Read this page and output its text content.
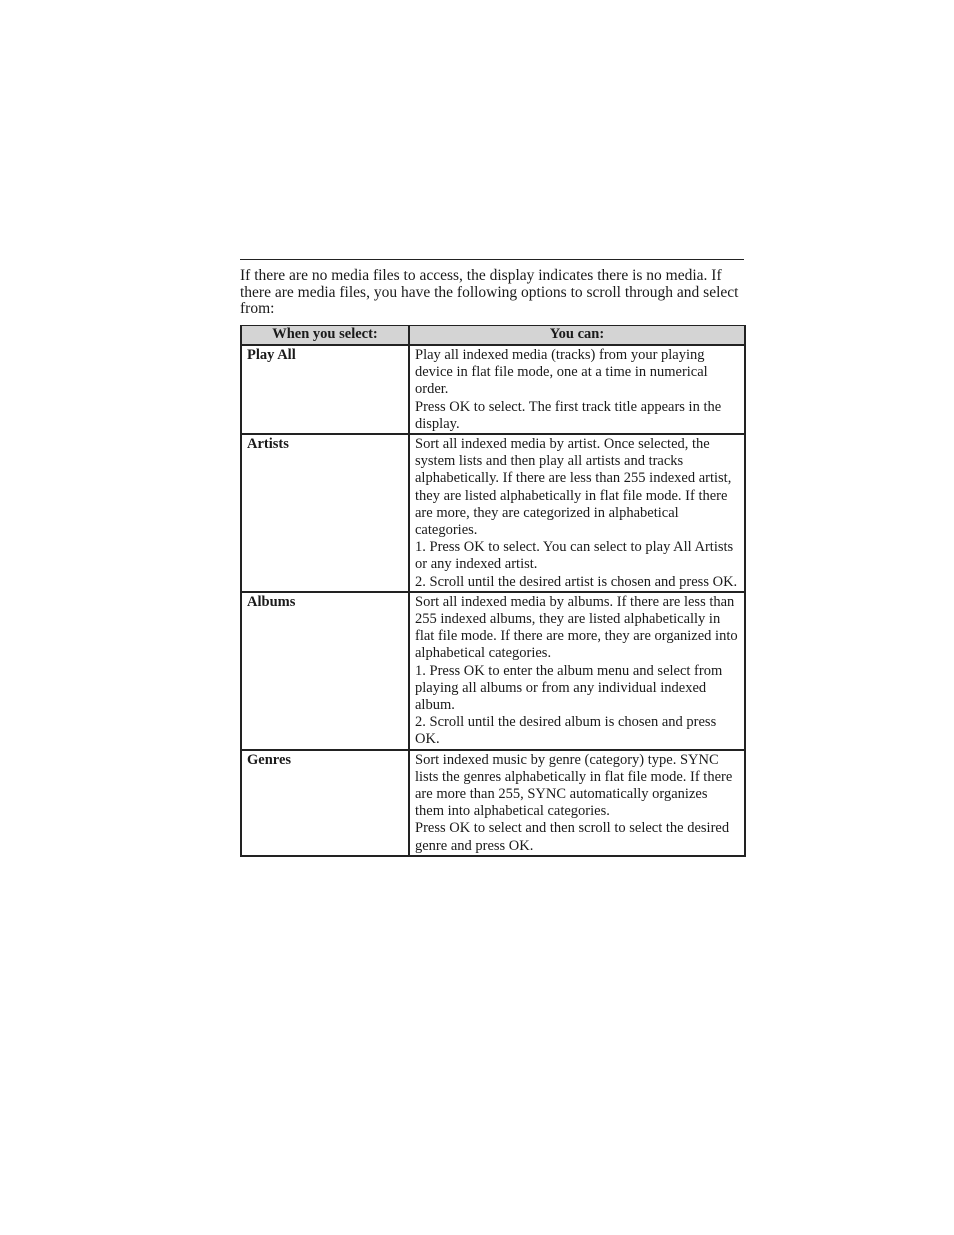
If there are no media files to access, the display indicates there is no media. If there are media files, you have the following options to scroll through and select from:

When you select:	You can:
Play All	Play all indexed media (tracks) from your playing device in flat file mode, one at a time in numerical order.
Press OK to select. The first track title appears in the display.

Artists	Sort all indexed media by artist. Once selected, the system lists and then play all artists and tracks alphabetically. If there are less than 255 indexed artist, they are listed alphabetically in flat file mode. If there are more, they are categorized in alphabetical categories.
1. Press OK to select. You can select to play All Artists or any indexed artist.
2. Scroll until the desired artist is chosen and press OK.

Albums	Sort all indexed media by albums. If there are less than 255 indexed albums, they are listed alphabetically in flat file mode. If there are more, they are organized into alphabetical categories.
1. Press OK to enter the album menu and select from playing all albums or from any individual indexed album.
2. Scroll until the desired album is chosen and press OK.

Genres	Sort indexed music by genre (category) type. SYNC lists the genres alphabetically in flat file mode. If there are more than 255, SYNC automatically organizes them into alphabetical categories.
Press OK to select and then scroll to select the desired genre and press OK.
